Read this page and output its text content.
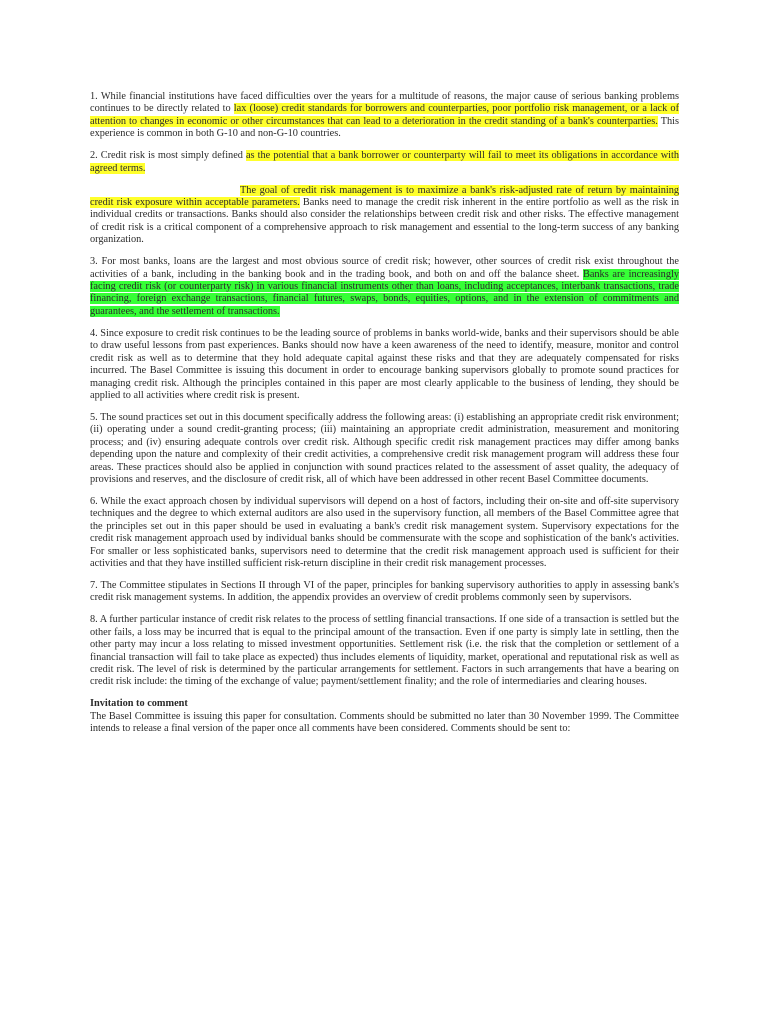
1. While financial institutions have faced difficulties over the years for a multitude of reasons, the major cause of serious banking problems continues to be directly related to lax (loose) credit standards for borrowers and counterparties, poor portfolio risk management, or a lack of attention to changes in economic or other circumstances that can lead to a deterioration in the credit standing of a bank's counterparties. This experience is common in both G-10 and non-G-10 countries.

2. Credit risk is most simply defined as the potential that a bank borrower or counterparty will fail to meet its obligations in accordance with agreed terms.

The goal of credit risk management is to maximize a bank's risk-adjusted rate of return by maintaining credit risk exposure within acceptable parameters. Banks need to manage the credit risk inherent in the entire portfolio as well as the risk in individual credits or transactions. Banks should also consider the relationships between credit risk and other risks. The effective management of credit risk is a critical component of a comprehensive approach to risk management and essential to the long-term success of any banking organization.

3. For most banks, loans are the largest and most obvious source of credit risk; however, other sources of credit risk exist throughout the activities of a bank, including in the banking book and in the trading book, and both on and off the balance sheet. Banks are increasingly facing credit risk (or counterparty risk) in various financial instruments other than loans, including acceptances, interbank transactions, trade financing, foreign exchange transactions, financial futures, swaps, bonds, equities, options, and in the extension of commitments and guarantees, and the settlement of transactions.

4. Since exposure to credit risk continues to be the leading source of problems in banks world-wide, banks and their supervisors should be able to draw useful lessons from past experiences. Banks should now have a keen awareness of the need to identify, measure, monitor and control credit risk as well as to determine that they hold adequate capital against these risks and that they are adequately compensated for risks incurred. The Basel Committee is issuing this document in order to encourage banking supervisors globally to promote sound practices for managing credit risk. Although the principles contained in this paper are most clearly applicable to the business of lending, they should be applied to all activities where credit risk is present.

5. The sound practices set out in this document specifically address the following areas: (i) establishing an appropriate credit risk environment; (ii) operating under a sound credit-granting process; (iii) maintaining an appropriate credit administration, measurement and monitoring process; and (iv) ensuring adequate controls over credit risk. Although specific credit risk management practices may differ among banks depending upon the nature and complexity of their credit activities, a comprehensive credit risk management program will address these four areas. These practices should also be applied in conjunction with sound practices related to the assessment of asset quality, the adequacy of provisions and reserves, and the disclosure of credit risk, all of which have been addressed in other recent Basel Committee documents.

6. While the exact approach chosen by individual supervisors will depend on a host of factors, including their on-site and off-site supervisory techniques and the degree to which external auditors are also used in the supervisory function, all members of the Basel Committee agree that the principles set out in this paper should be used in evaluating a bank's credit risk management system. Supervisory expectations for the credit risk management approach used by individual banks should be commensurate with the scope and sophistication of the bank's activities. For smaller or less sophisticated banks, supervisors need to determine that the credit risk management approach used is sufficient for their activities and that they have instilled sufficient risk-return discipline in their credit risk management processes.

7. The Committee stipulates in Sections II through VI of the paper, principles for banking supervisory authorities to apply in assessing bank's credit risk management systems. In addition, the appendix provides an overview of credit problems commonly seen by supervisors.

8. A further particular instance of credit risk relates to the process of settling financial transactions. If one side of a transaction is settled but the other fails, a loss may be incurred that is equal to the principal amount of the transaction. Even if one party is simply late in settling, then the other party may incur a loss relating to missed investment opportunities. Settlement risk (i.e. the risk that the completion or settlement of a financial transaction will fail to take place as expected) thus includes elements of liquidity, market, operational and reputational risk as well as credit risk. The level of risk is determined by the particular arrangements for settlement. Factors in such arrangements that have a bearing on credit risk include: the timing of the exchange of value; payment/settlement finality; and the role of intermediaries and clearing houses.

Invitation to comment

The Basel Committee is issuing this paper for consultation. Comments should be submitted no later than 30 November 1999. The Committee intends to release a final version of the paper once all comments have been considered. Comments should be sent to:
